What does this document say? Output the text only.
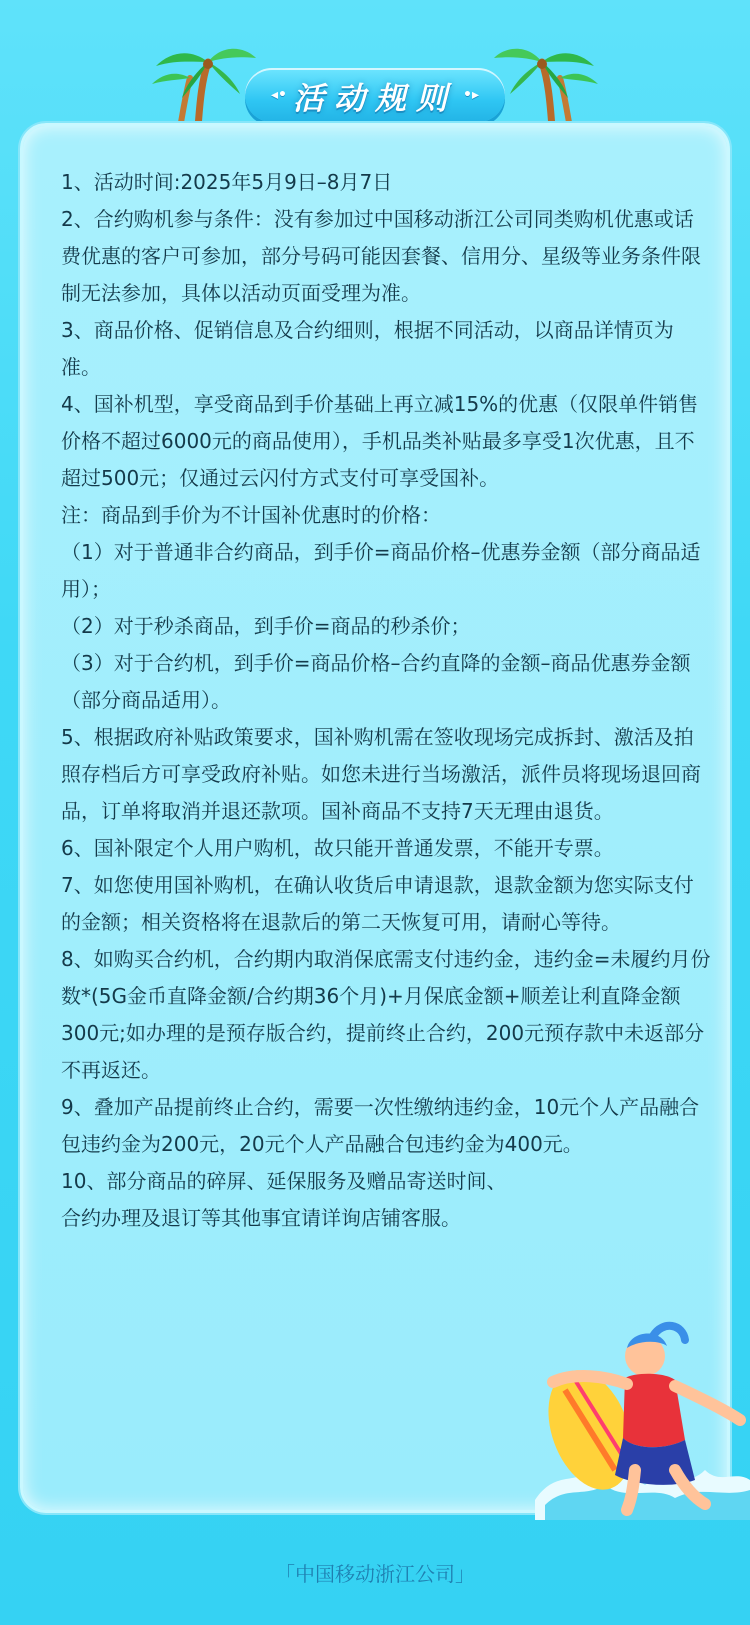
◂• 活动规则 •▸
1、活动时间:2025年5月9日–8月7日
2、合约购机参与条件：没有参加过中国移动浙江公司同类购机优惠或话费优惠的客户可参加，部分号码可能因套餐、信用分、星级等业务条件限制无法参加，具体以活动页面受理为准。
3、商品价格、促销信息及合约细则，根据不同活动，以商品详情页为准。
4、国补机型，享受商品到手价基础上再立减15%的优惠（仅限单件销售价格不超过6000元的商品使用），手机品类补贴最多享受1次优惠，且不超过500元；仅通过云闪付方式支付可享受国补。
注：商品到手价为不计国补优惠时的价格：
（1）对于普通非合约商品，到手价=商品价格–优惠券金额（部分商品适用）；
（2）对于秒杀商品，到手价=商品的秒杀价；
（3）对于合约机，到手价=商品价格–合约直降的金额–商品优惠券金额（部分商品适用）。
5、根据政府补贴政策要求，国补购机需在签收现场完成拆封、激活及拍照存档后方可享受政府补贴。如您未进行当场激活，派件员将现场退回商品，订单将取消并退还款项。国补商品不支持7天无理由退货。
6、国补限定个人用户购机，故只能开普通发票，不能开专票。
7、如您使用国补购机，在确认收货后申请退款，退款金额为您实际支付的金额；相关资格将在退款后的第二天恢复可用，请耐心等待。
8、如购买合约机，合约期内取消保底需支付违约金，违约金=未履约月份数*(5G金币直降金额/合约期36个月)+月保底金额+顺差让利直降金额300元;如办理的是预存版合约，提前终止合约，200元预存款中未返部分不再返还。
9、叠加产品提前终止合约，需要一次性缴纳违约金，10元个人产品融合包违约金为200元，20元个人产品融合包违约金为400元。
10、部分商品的碎屏、延保服务及赠品寄送时间、合约办理及退订等其他事宜请详询店铺客服。
「中国移动浙江公司」
